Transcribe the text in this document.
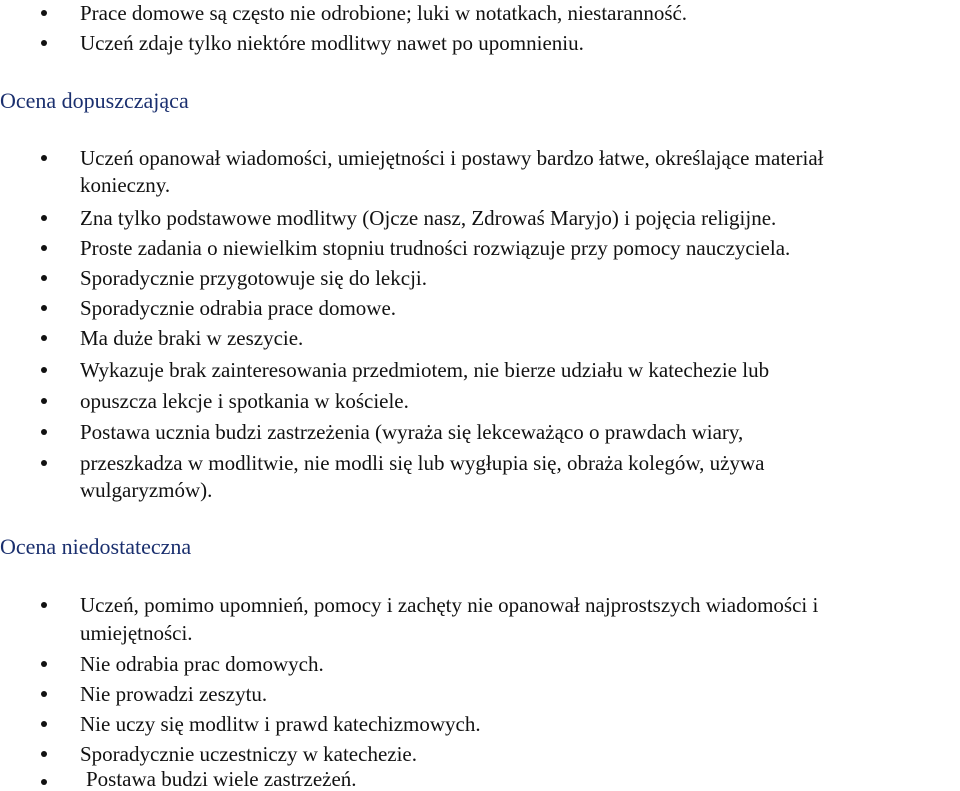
Prace domowe są często nie odrobione; luki w notatkach, niestaranność.
Uczeń zdaje tylko niektóre modlitwy nawet po upomnieniu.
Ocena dopuszczająca
Uczeń opanował wiadomości, umiejętności i postawy bardzo łatwe, określające materiał
konieczny.
Zna tylko podstawowe modlitwy (Ojcze nasz, Zdrowaś Maryjo) i pojęcia religijne.
Proste zadania o niewielkim stopniu trudności rozwiązuje przy pomocy nauczyciela.
Sporadycznie przygotowuje się do lekcji.
Sporadycznie odrabia prace domowe.
Ma duże braki w zeszycie.
Wykazuje brak zainteresowania przedmiotem, nie bierze udziału w katechezie lub
opuszcza lekcje i spotkania w kościele.
Postawa ucznia budzi zastrzeżenia (wyraża się lekceważąco o prawdach wiary,
przeszkadza w modlitwie, nie modli się lub wygłupia się, obraża kolegów, używa
wulgaryzmów).
Ocena niedostateczna
Uczeń, pomimo upomnień, pomocy i zachęty nie opanował najprostszych wiadomości i
umiejętności.
Nie odrabia prac domowych.
Nie prowadzi zeszytu.
Nie uczy się modlitw i prawd katechizmowych.
Sporadycznie uczestniczy w katechezie.
Postawa budzi wiele zastrzeżeń.
